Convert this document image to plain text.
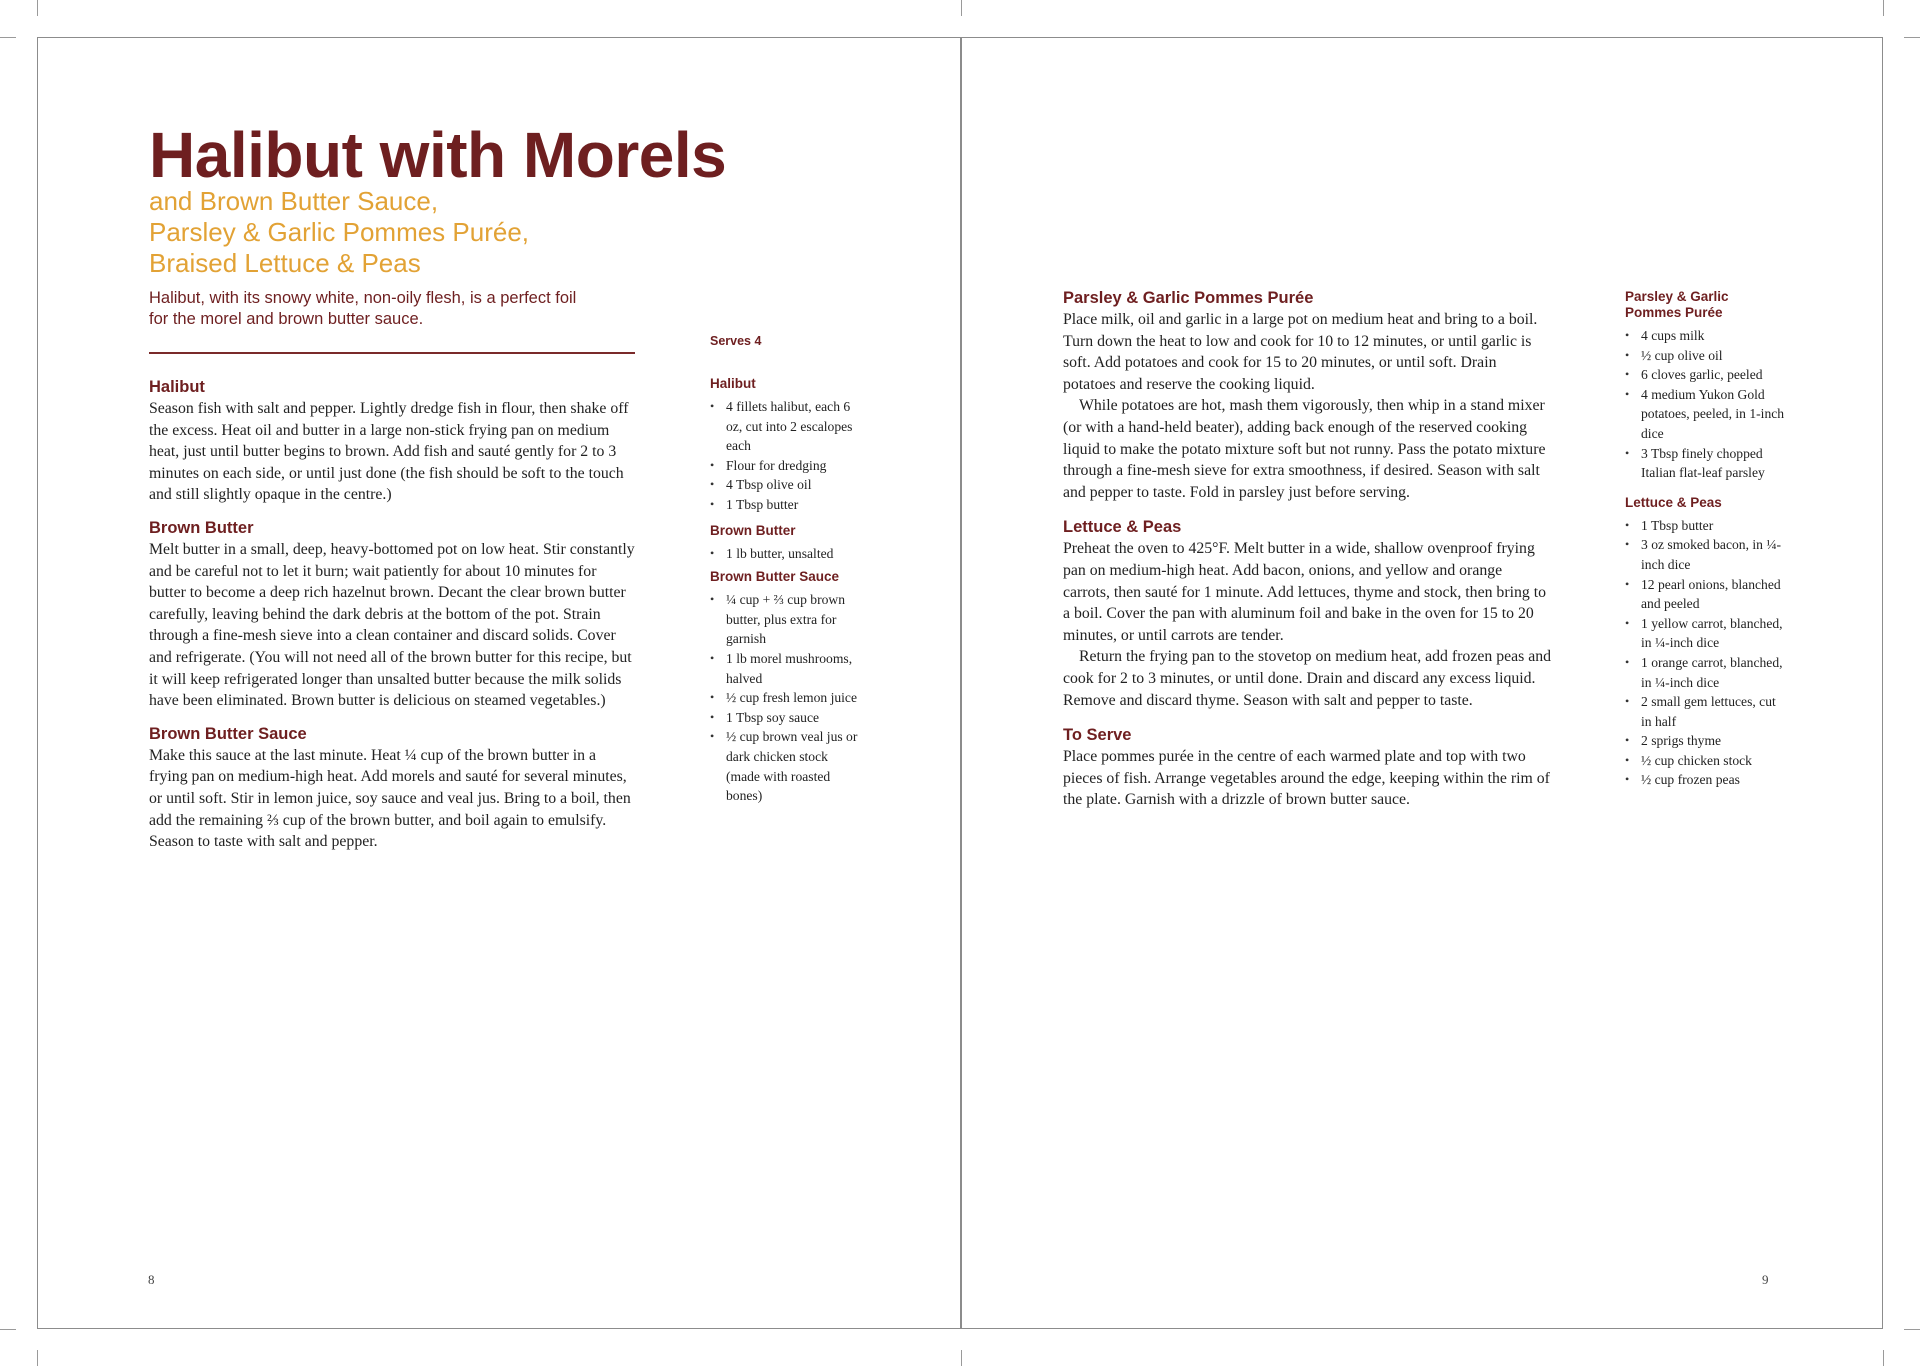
Halibut with Morels
and Brown Butter Sauce,
Parsley & Garlic Pommes Purée,
Braised Lettuce & Peas
Halibut, with its snowy white, non-oily flesh, is a perfect foil
for the morel and brown butter sauce.
Halibut
Season fish with salt and pepper. Lightly dredge fish in flour, then shake off the excess. Heat oil and butter in a large non-stick frying pan on medium heat, just until butter begins to brown. Add fish and sauté gently for 2 to 3 minutes on each side, or until just done (the fish should be soft to the touch and still slightly opaque in the centre.)
Brown Butter
Melt butter in a small, deep, heavy-bottomed pot on low heat. Stir constantly and be careful not to let it burn; wait patiently for about 10 minutes for butter to become a deep rich hazelnut brown. Decant the clear brown butter carefully, leaving behind the dark debris at the bottom of the pot. Strain through a fine-mesh sieve into a clean container and discard solids. Cover and refrigerate. (You will not need all of the brown butter for this recipe, but it will keep refrigerated longer than unsalted butter because the milk solids have been eliminated. Brown butter is delicious on steamed vegetables.)
Brown Butter Sauce
Make this sauce at the last minute. Heat ¼ cup of the brown butter in a frying pan on medium-high heat. Add morels and sauté for several minutes, or until soft. Stir in lemon juice, soy sauce and veal jus. Bring to a boil, then add the remaining ⅔ cup of the brown butter, and boil again to emulsify. Season to taste with salt and pepper.
Serves 4
Halibut
• 4 fillets halibut, each 6 oz, cut into 2 escalopes each
• Flour for dredging
• 4 Tbsp olive oil
• 1 Tbsp butter
Brown Butter
• 1 lb butter, unsalted
Brown Butter Sauce
• ¼ cup + ⅔ cup brown butter, plus extra for garnish
• 1 lb morel mushrooms, halved
• ½ cup fresh lemon juice
• 1 Tbsp soy sauce
• ½ cup brown veal jus or dark chicken stock (made with roasted bones)
8
Parsley & Garlic Pommes Purée
Place milk, oil and garlic in a large pot on medium heat and bring to a boil. Turn down the heat to low and cook for 10 to 12 minutes, or until garlic is soft. Add potatoes and cook for 15 to 20 minutes, or until soft. Drain potatoes and reserve the cooking liquid.
While potatoes are hot, mash them vigorously, then whip in a stand mixer (or with a hand-held beater), adding back enough of the reserved cooking liquid to make the potato mixture soft but not runny. Pass the potato mixture through a fine-mesh sieve for extra smoothness, if desired. Season with salt and pepper to taste. Fold in parsley just before serving.
Lettuce & Peas
Preheat the oven to 425°F. Melt butter in a wide, shallow ovenproof frying pan on medium-high heat. Add bacon, onions, and yellow and orange carrots, then sauté for 1 minute. Add lettuces, thyme and stock, then bring to a boil. Cover the pan with aluminum foil and bake in the oven for 15 to 20 minutes, or until carrots are tender.
Return the frying pan to the stovetop on medium heat, add frozen peas and cook for 2 to 3 minutes, or until done. Drain and discard any excess liquid. Remove and discard thyme. Season with salt and pepper to taste.
To Serve
Place pommes purée in the centre of each warmed plate and top with two pieces of fish. Arrange vegetables around the edge, keeping within the rim of the plate. Garnish with a drizzle of brown butter sauce.
Parsley & Garlic Pommes Purée
• 4 cups milk
• ½ cup olive oil
• 6 cloves garlic, peeled
• 4 medium Yukon Gold potatoes, peeled, in 1-inch dice
• 3 Tbsp finely chopped Italian flat-leaf parsley
Lettuce & Peas
• 1 Tbsp butter
• 3 oz smoked bacon, in ¼-inch dice
• 12 pearl onions, blanched and peeled
• 1 yellow carrot, blanched, in ¼-inch dice
• 1 orange carrot, blanched, in ¼-inch dice
• 2 small gem lettuces, cut in half
• 2 sprigs thyme
• ½ cup chicken stock
• ½ cup frozen peas
9
